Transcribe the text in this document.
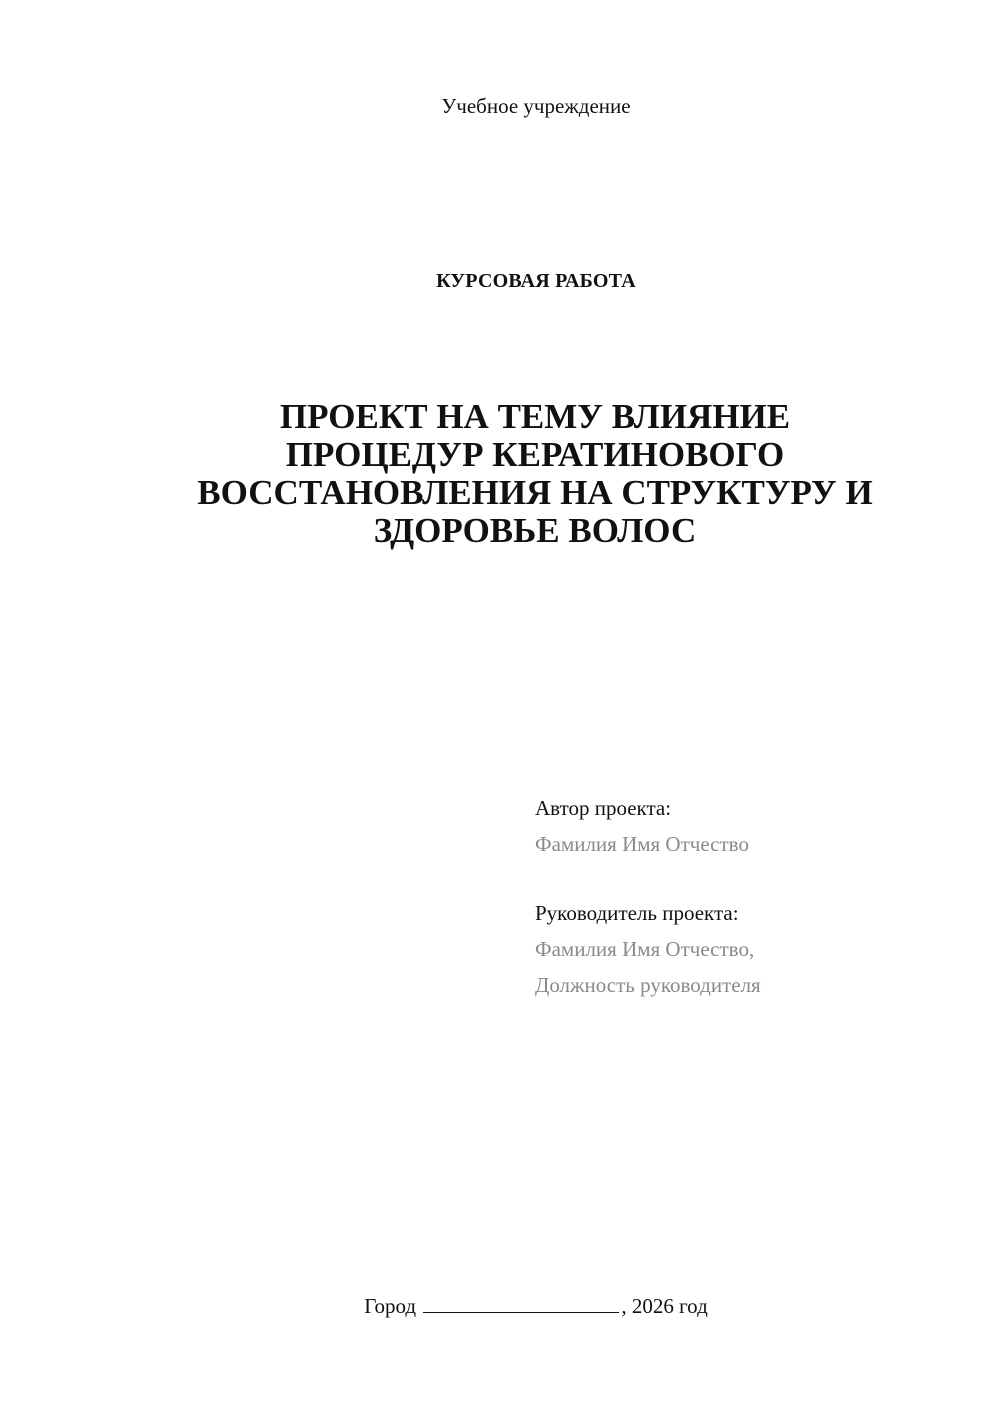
Учебное учреждение
КУРСОВАЯ РАБОТА
ПРОЕКТ НА ТЕМУ ВЛИЯНИЕ
ПРОЦЕДУР КЕРАТИНОВОГО
ВОССТАНОВЛЕНИЯ НА СТРУКТУРУ И
ЗДОРОВЬЕ ВОЛОС
Автор проекта:
Фамилия Имя Отчество
Руководитель проекта:
Фамилия Имя Отчество,
Должность руководителя
Город	, 2026 год
